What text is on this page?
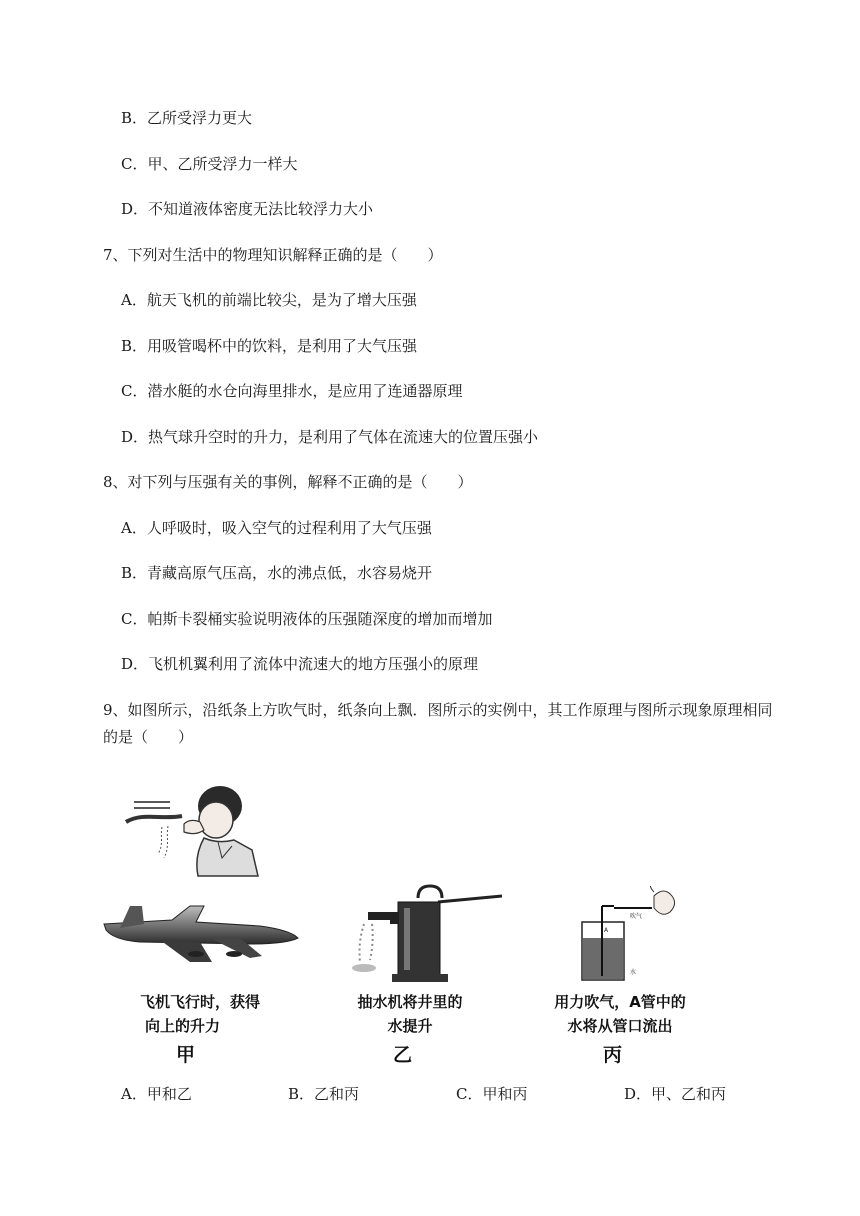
B．乙所受浮力更大
C．甲、乙所受浮力一样大
D．不知道液体密度无法比较浮力大小
7、下列对生活中的物理知识解释正确的是（　　）
A．航天飞机的前端比较尖，是为了增大压强
B．用吸管喝杯中的饮料，是利用了大气压强
C．潜水艇的水仓向海里排水，是应用了连通器原理
D．热气球升空时的升力，是利用了气体在流速大的位置压强小
8、对下列与压强有关的事例，解释不正确的是（　　）
A．人呼吸时，吸入空气的过程利用了大气压强
B．青藏高原气压高，水的沸点低，水容易烧开
C．帕斯卡裂桶实验说明液体的压强随深度的增加而增加
D．飞机机翼利用了流体中流速大的地方压强小的原理
9、如图所示，沿纸条上方吹气时，纸条向上飘．图所示的实例中，其工作原理与图所示现象原理相同
的是（　　）
飞机飞行时，获得
向上的升力
甲
抽水机将井里的
水提升
乙
吹气
水
A
用力吹气，A管中的
水将从管口流出
丙
A．甲和乙	B．乙和丙	C．甲和丙	D．甲、乙和丙
